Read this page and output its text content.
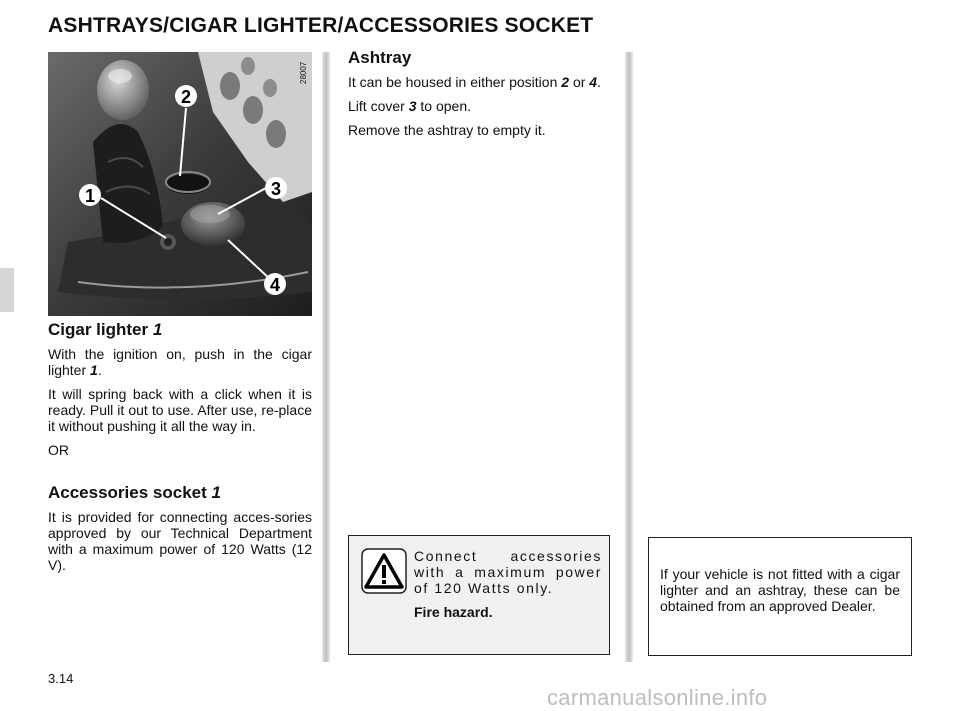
ASHTRAYS/CIGAR LIGHTER/ACCESSORIES SOCKET
28007
1
2
3
4
Cigar lighter 1

With the ignition on, push in the cigar lighter 1.

It will spring back with a click when it is ready. Pull it out to use. After use, re-place it without pushing it all the way in.

OR

Accessories socket 1

It is provided for connecting acces-sories approved by our Technical Department with a maximum power of 120 Watts (12 V).

Ashtray

It can be housed in either position 2 or 4.

Lift cover 3 to open.

Remove the ashtray to empty it.

Connect accessories with a maximum power of 120 Watts only.

Fire hazard.

If your vehicle is not fitted with a cigar lighter and an ashtray, these can be obtained from an approved Dealer.
3.14
carmanualsonline.info
